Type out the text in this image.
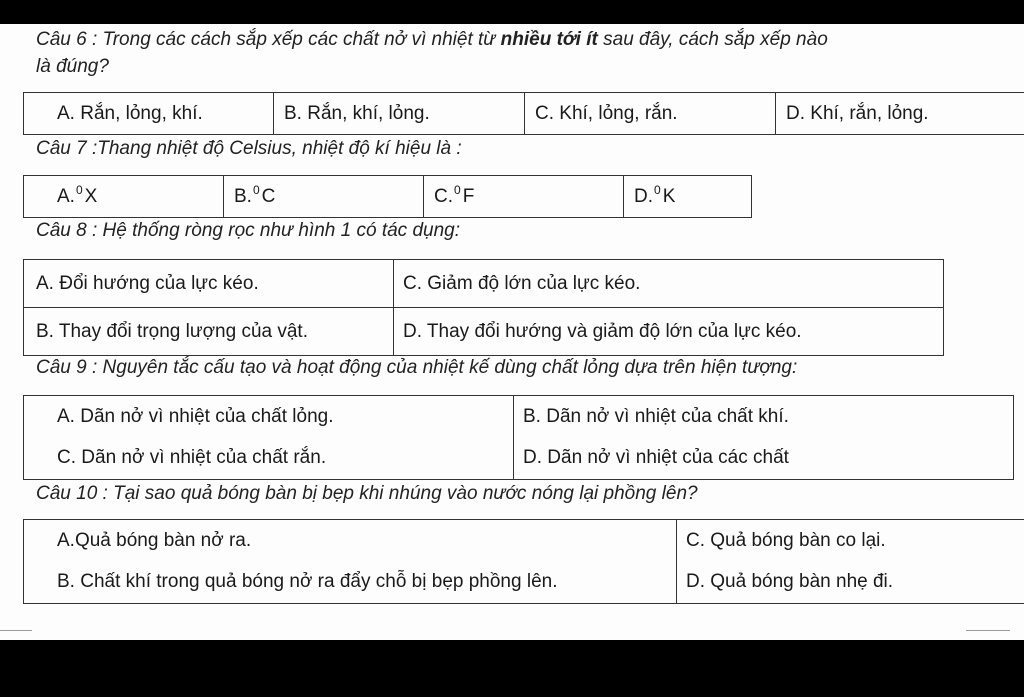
Câu 6 : Trong các cách sắp xếp các chất nở vì nhiệt từ nhiều tới ít sau đây, cách sắp xếp nào
là đúng?
A. Rắn, lỏng, khí.	B. Rắn, khí, lỏng.	C. Khí, lỏng, rắn.	D. Khí, rắn, lỏng.
Câu 7 :Thang nhiệt độ Celsius, nhiệt độ kí hiệu là :
A.$^0$ X	B.$^0$ C	C.$^0$ F	D.$^0$ K
Câu 8 : Hệ thống ròng rọc như hình 1 có tác dụng:
A. Đổi hướng của lực kéo.	C. Giảm độ lớn của lực kéo.
B. Thay đổi trọng lượng của vật.	D. Thay đổi hướng và giảm độ lớn của lực kéo.
Câu 9 : Nguyên tắc cấu tạo và hoạt động của nhiệt kế dùng chất lỏng dựa trên hiện tượng:
A. Dãn nở vì nhiệt của chất lỏng.	B. Dãn nở vì nhiệt của chất khí.
C. Dãn nở vì nhiệt của chất rắn.	D. Dãn nở vì nhiệt của các chất
Câu 10 : Tại sao quả bóng bàn bị bẹp khi nhúng vào nước nóng lại phồng lên?
A.Quả bóng bàn nở ra.	C. Quả bóng bàn co lại.
B. Chất khí trong quả bóng nở ra đẩy chỗ bị bẹp phồng lên.	D. Quả bóng bàn nhẹ đi.
